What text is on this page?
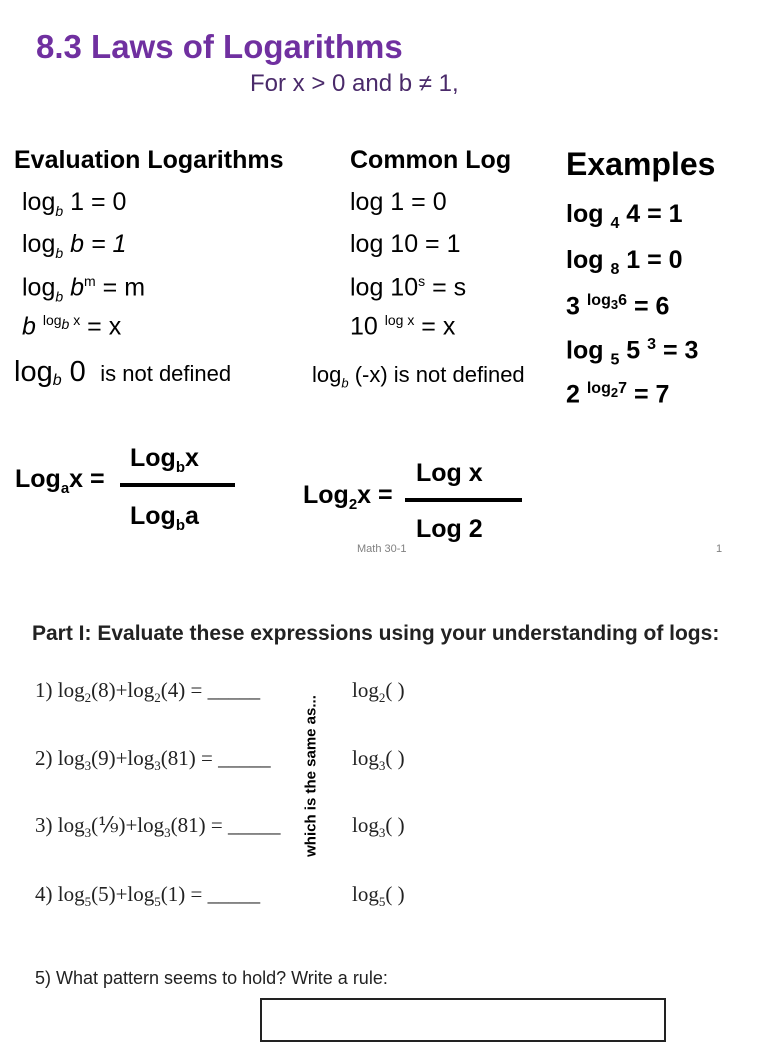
8.3 Laws of Logarithms
For x > 0 and b ≠ 1,
Evaluation Logarithms	Common Log Examples
$\log_b 1 = 0$
$\log_b b = 1$
$\log_b b^m = m$
b $^{log_b x}$ = x
$\log_b 0$ is not defined
log 1 = 0
log 10 = 1
$\log 10^s = s$
10 $^{log x}$ = x
$\log_b (-x)$ is not defined
log $_4$ 4 = 1
log $_8$ 1 = 0
3 $^{log_36}$ = 6
log $_5$ 5 $^3$ = 3
2 $^{log_27}$ = 7
Log$_a$x =
Log$_b$x
Log$_b$a
Log$_2$x =
Log x
Log 2
Math 30-1	1
Part I: Evaluate these expressions using your understanding of logs:
1) $\log_2(8)+\log_2(4)$ = _____
2) $\log_3(9)+\log_3(81)$ = _____
3) $\log_3(⅑)+\log_3(81)$ = _____
4) $\log_5(5)+\log_5(1)$ = _____
which is the same as...
$\log_2$( )
$\log_3$( )
$\log_3$( )
$\log_5$( )
5) What pattern seems to hold? Write a rule:
